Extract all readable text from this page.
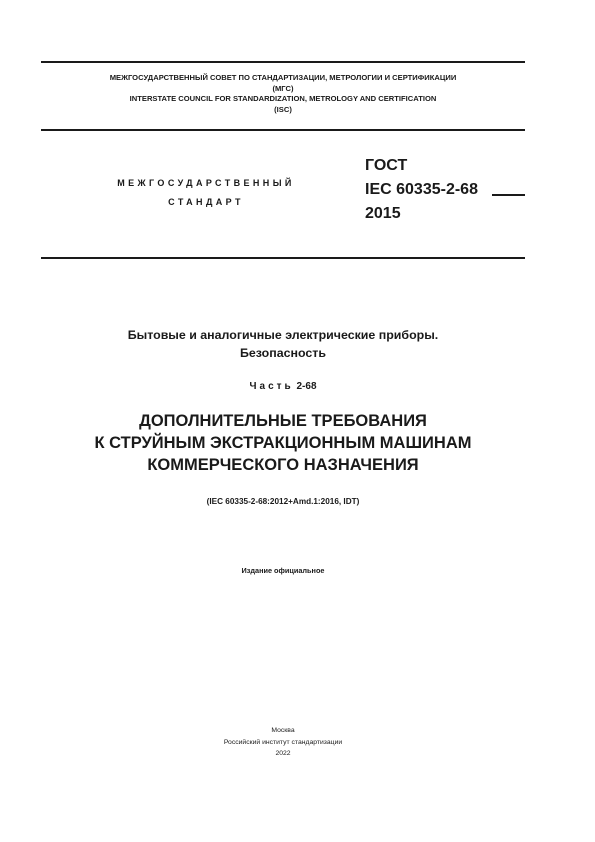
МЕЖГОСУДАРСТВЕННЫЙ СОВЕТ ПО СТАНДАРТИЗАЦИИ, МЕТРОЛОГИИ И СЕРТИФИКАЦИИ
(МГС)
INTERSTATE COUNCIL FOR STANDARDIZATION, METROLOGY AND CERTIFICATION
(ISC)
МЕЖГОСУДАРСТВЕННЫЙ
СТАНДАРТ
ГОСТ
IEC 60335-2-68
2015
Бытовые и аналогичные электрические приборы.
Безопасность
Часть 2-68
ДОПОЛНИТЕЛЬНЫЕ ТРЕБОВАНИЯ
К СТРУЙНЫМ ЭКСТРАКЦИОННЫМ МАШИНАМ
КОММЕРЧЕСКОГО НАЗНАЧЕНИЯ
(IEC 60335-2-68:2012+Amd.1:2016, IDT)
Издание официальное
Москва
Российский институт стандартизации
2022
